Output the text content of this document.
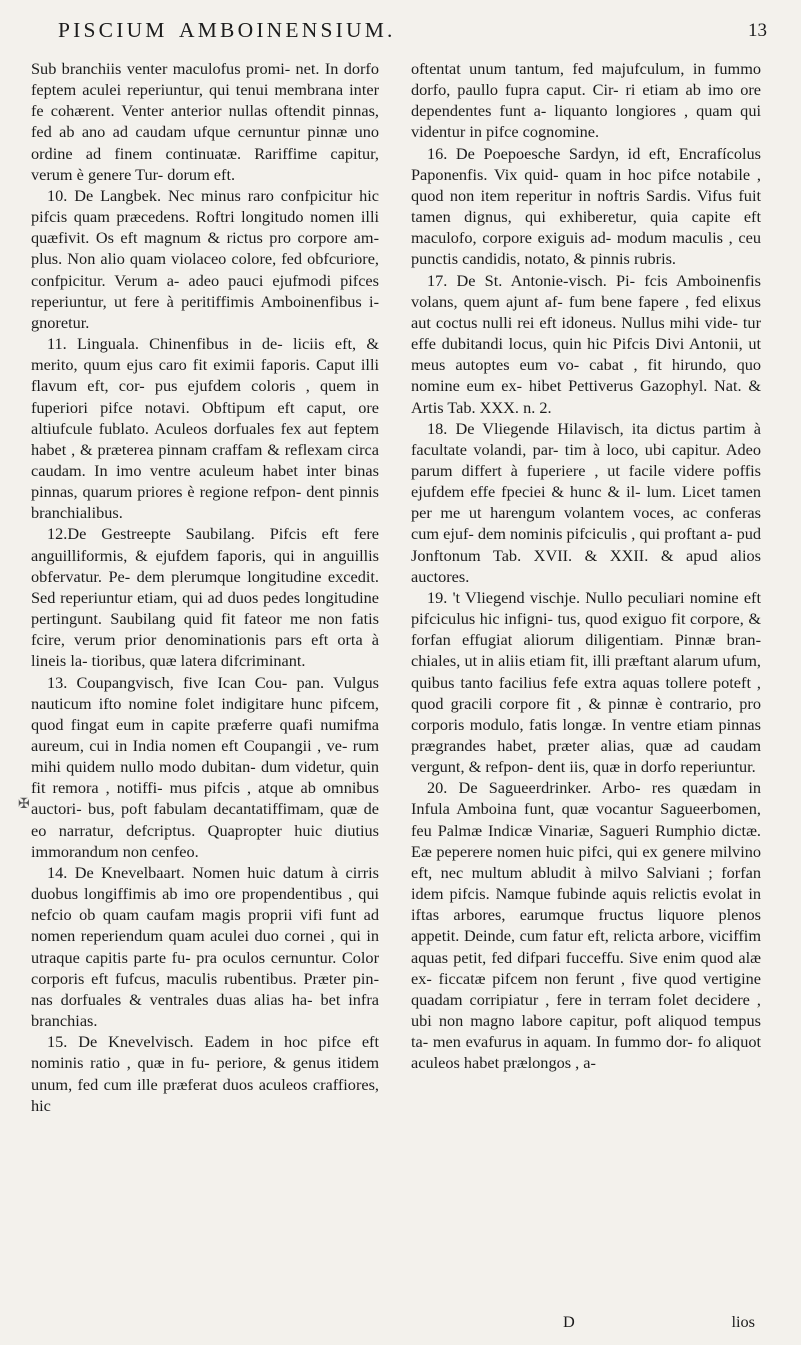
PISCIUM AMBOINENSIUM.	13

Sub branchiis venter maculofus promi- net. In dorfo feptem aculei reperiuntur, qui tenui membrana inter fe cohærent. Venter anterior nullas oftendit pinnas, fed ab ano ad caudam ufque cernuntur pinnæ uno ordine ad finem continuatæ. Rariffime capitur, verum è genere Tur- dorum eft.

10. De Langbek. Nec minus raro confpicitur hic pifcis quam præcedens. Roftri longitudo nomen illi quæfivit. Os eft magnum & rictus pro corpore am- plus. Non alio quam violaceo colore, fed obfcuriore, confpicitur. Verum a- adeo pauci ejufmodi pifces reperiuntur, ut fere à peritiffimis Amboinenfibus i- gnoretur.

11. Linguala. Chinenfibus in de- liciis eft, & merito, quum ejus caro fit eximii faporis. Caput illi flavum eft, cor- pus ejufdem coloris , quem in fuperiori pifce notavi. Obftipum eft caput, ore altiufcule fublato. Aculeos dorfuales fex aut feptem habet , & præterea pinnam craffam & reflexam circa caudam. In imo ventre aculeum habet inter binas pinnas, quarum priores è regione refpon- dent pinnis branchialibus.

12.De Gestreepte Saubilang. Pifcis eft fere anguilliformis, & ejufdem faporis, qui in anguillis obfervatur. Pe- dem plerumque longitudine excedit. Sed reperiuntur etiam, qui ad duos pedes longitudine pertingunt. Saubilang quid fit fateor me non fatis fcire, verum prior denominationis pars eft orta à lineis la- tioribus, quæ latera difcriminant.

13. Coupangvisch, five Ican Cou- pan. Vulgus nauticum ifto nomine folet indigitare hunc pifcem, quod fingat eum in capite præferre quafi numifma aureum, cui in India nomen eft Coupangii , ve- rum mihi quidem nullo modo dubitan- dum videtur, quin fit remora , notiffi- mus pifcis , atque ab omnibus auctori- bus, poft fabulam decantatiffimam, quæ de eo narratur, defcriptus. Quapropter huic diutius immorandum non cenfeo.

14. De Knevelbaart. Nomen huic datum à cirris duobus longiffimis ab imo ore propendentibus , qui nefcio ob quam caufam magis proprii vifi funt ad nomen reperiendum quam aculei duo cornei , qui in utraque capitis parte fu- pra oculos cernuntur. Color corporis eft fufcus, maculis rubentibus. Præter pin- nas dorfuales & ventrales duas alias ha- bet infra branchias.

15. De Knevelvisch. Eadem in hoc pifce eft nominis ratio , quæ in fu- periore, & genus itidem unum, fed cum ille præferat duos aculeos craffiores, hic

✠

oftentat unum tantum, fed majufculum, in fummo dorfo, paullo fupra caput. Cir- ri etiam ab imo ore dependentes funt a- liquanto longiores , quam qui videntur in pifce cognomine.

16. De Poepoesche Sardyn, id eft, Encrafícolus Paponenfis. Vix quid- quam in hoc pifce notabile , quod non item reperitur in noftris Sardis. Vifus fuit tamen dignus, qui exhiberetur, quia capite eft maculofo, corpore exiguis ad- modum maculis , ceu punctis candidis, notato, & pinnis rubris.

17. De St. Antonie-visch. Pi- fcis Amboinenfis volans, quem ajunt af- fum bene fapere , fed elixus aut coctus nulli rei eft idoneus. Nullus mihi vide- tur effe dubitandi locus, quin hic Pifcis Divi Antonii, ut meus autoptes eum vo- cabat , fit hirundo, quo nomine eum ex- hibet Pettiverus Gazophyl. Nat. & Artis Tab. XXX. n. 2.

18. De Vliegende Hilavisch, ita dictus partim à facultate volandi, par- tim à loco, ubi capitur. Adeo parum differt à fuperiere , ut facile videre poffis ejufdem effe fpeciei & hunc & il- lum. Licet tamen per me ut harengum volantem voces, ac conferas cum ejuf- dem nominis pifciculis , qui proftant a- pud Jonftonum Tab. XVII. & XXII. & apud alios auctores.

19. 't Vliegend vischje. Nullo peculiari nomine eft pifciculus hic infigni- tus, quod exiguo fit corpore, & forfan effugiat aliorum diligentiam. Pinnæ bran- chiales, ut in aliis etiam fit, illi præftant alarum ufum, quibus tanto facilius fefe extra aquas tollere poteft , quod gracili corpore fit , & pinnæ è contrario, pro corporis modulo, fatis longæ. In ventre etiam pinnas prægrandes habet, præter alias, quæ ad caudam vergunt, & refpon- dent iis, quæ in dorfo reperiuntur.

20. De Sagueerdrinker. Arbo- res quædam in Infula Amboina funt, quæ vocantur Sagueerbomen, feu Palmæ Indicæ Vinariæ, Sagueri Rumphio dictæ. Eæ peperere nomen huic pifci, qui ex genere milvino eft, nec multum abludit à milvo Salviani ; forfan idem pifcis. Namque fubinde aquis relictis evolat in iftas arbores, earumque fructus liquore plenos appetit. Deinde, cum fatur eft, relicta arbore, viciffim aquas petit, fed difpari fucceffu. Sive enim quod alæ ex- ficcatæ pifcem non ferunt , five quod vertigine quadam corripiatur , fere in terram folet decidere , ubi non magno labore capitur, poft aliquod tempus ta- men evafurus in aquam. In fummo dor- fo aliquot aculeos habet prælongos , a-

D	lios
